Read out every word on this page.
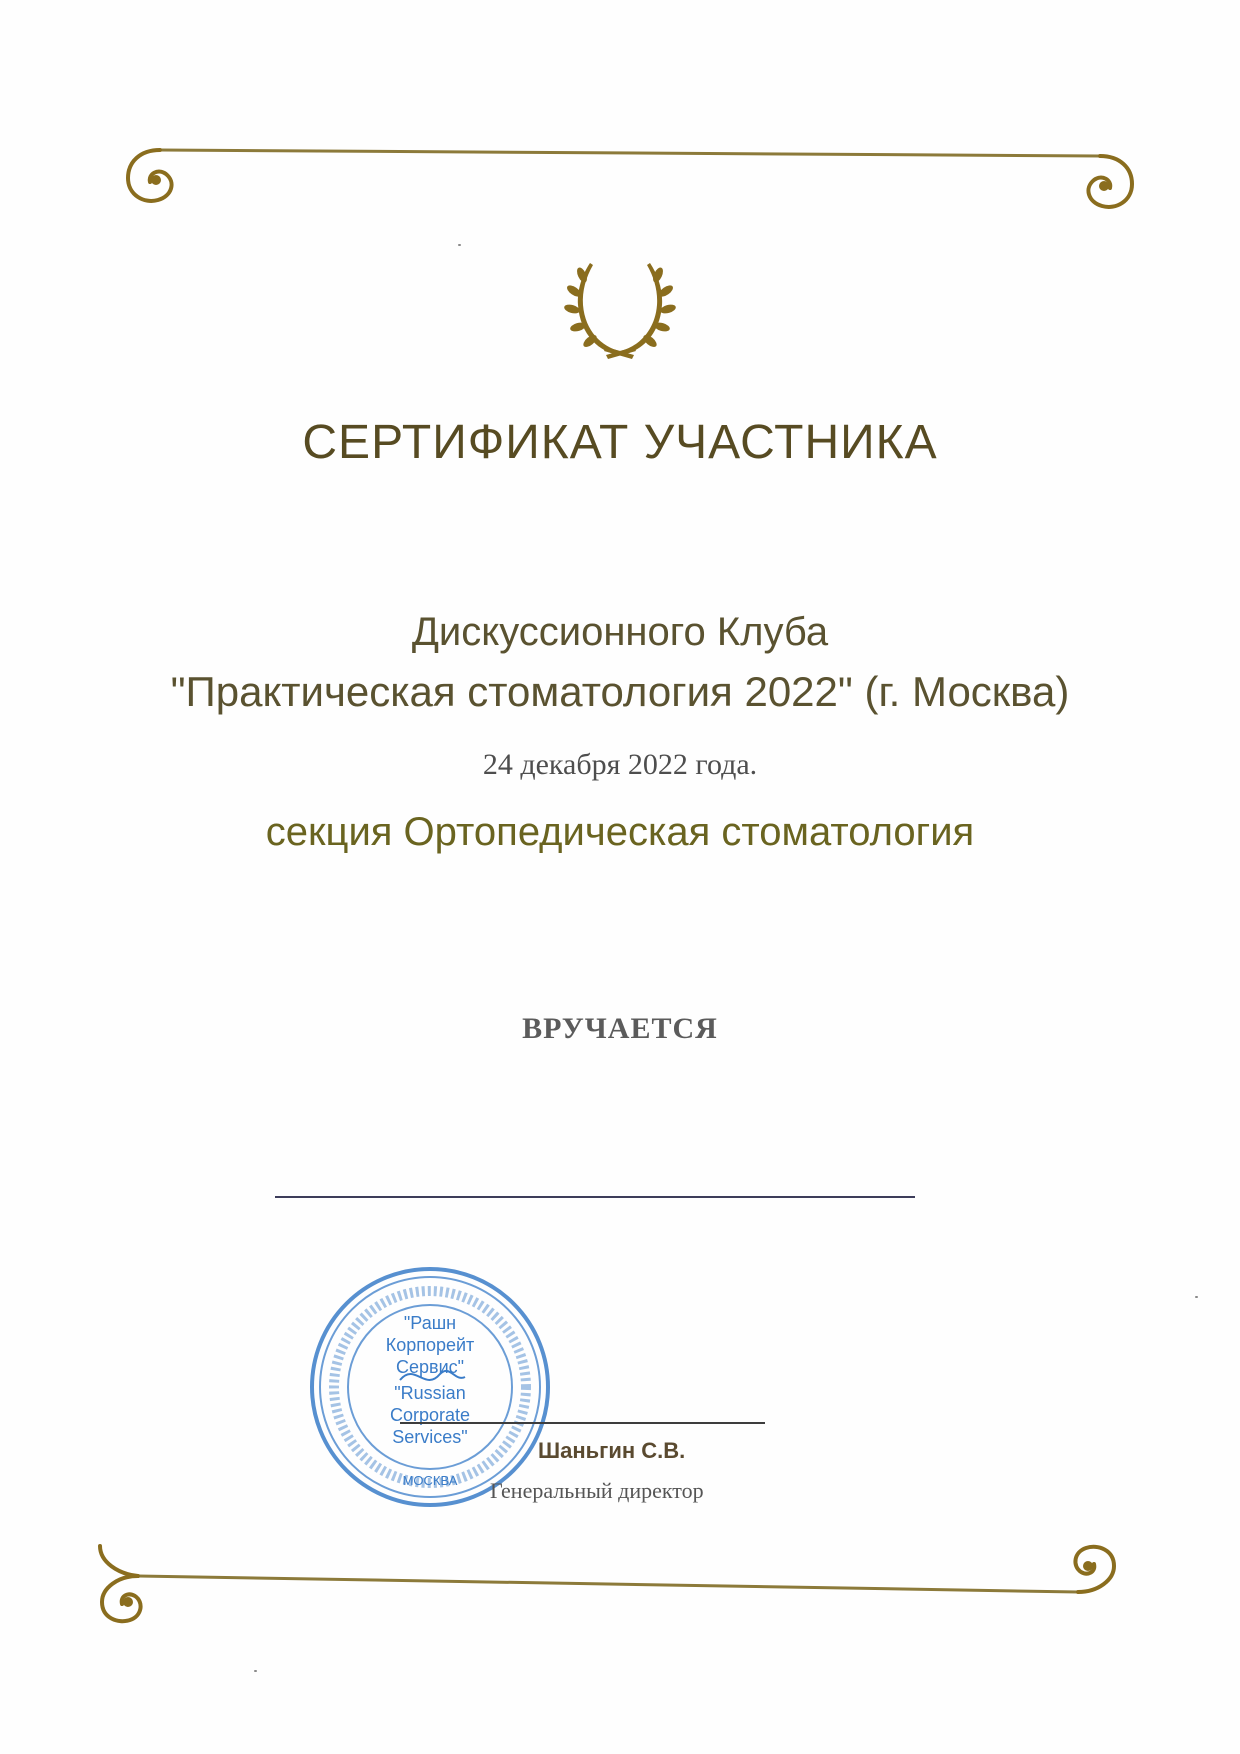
СЕРТИФИКАТ УЧАСТНИКА
Дискуссионного Клуба
"Практическая стоматология 2022" (г. Москва)
24 декабря 2022 года.
секция Ортопедическая стоматология
ВРУЧАЕТСЯ
"Рашн
Корпорейт
Сервис"
"Russian
Corporate
Services"
МОСКВА
Шаньгин С.В.
Генеральный директор
